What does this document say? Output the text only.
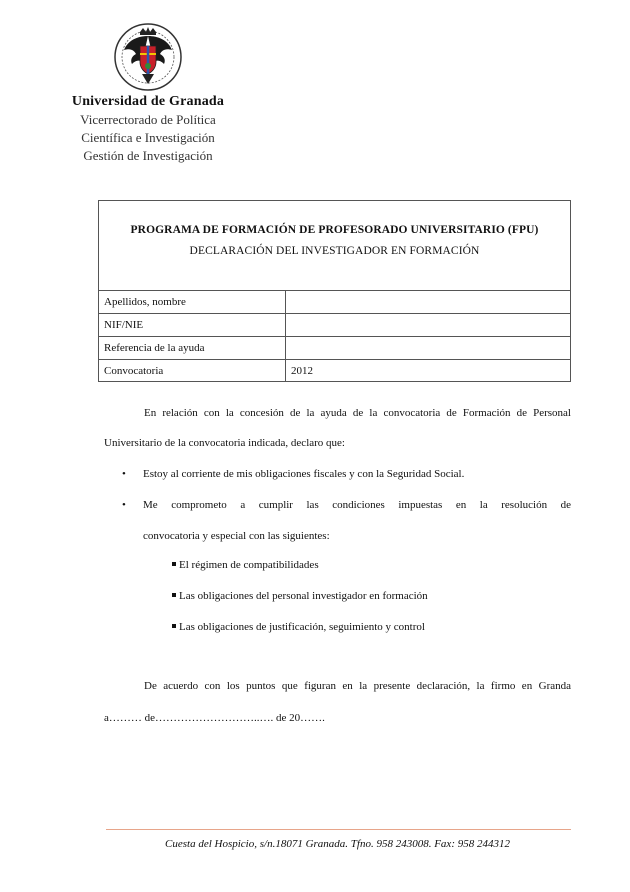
Universidad de Granada
Vicerrectorado de Política
Científica e Investigación
Gestión de Investigación
PROGRAMA DE FORMACIÓN DE PROFESORADO UNIVERSITARIO (FPU)
DECLARACIÓN DEL INVESTIGADOR EN FORMACIÓN
Apellidos, nombre	
NIF/NIE	
Referencia de la ayuda	
Convocatoria	2012
En relación con la concesión de la ayuda de la convocatoria de Formación de Personal
Universitario de la convocatoria indicada, declaro que:
• Estoy al corriente de mis obligaciones fiscales y con la Seguridad Social.
• Me comprometo a cumplir las condiciones impuestas en la resolución de
convocatoria y especial con las siguientes:
El régimen de compatibilidades
Las obligaciones del personal investigador en formación
Las obligaciones de justificación, seguimiento y control
De acuerdo con los puntos que figuran en la presente declaración, la firmo en Granda
a……… de………………………..…. de 20…….
Cuesta del Hospicio, s/n.18071 Granada. Tfno. 958 243008. Fax: 958 244312
